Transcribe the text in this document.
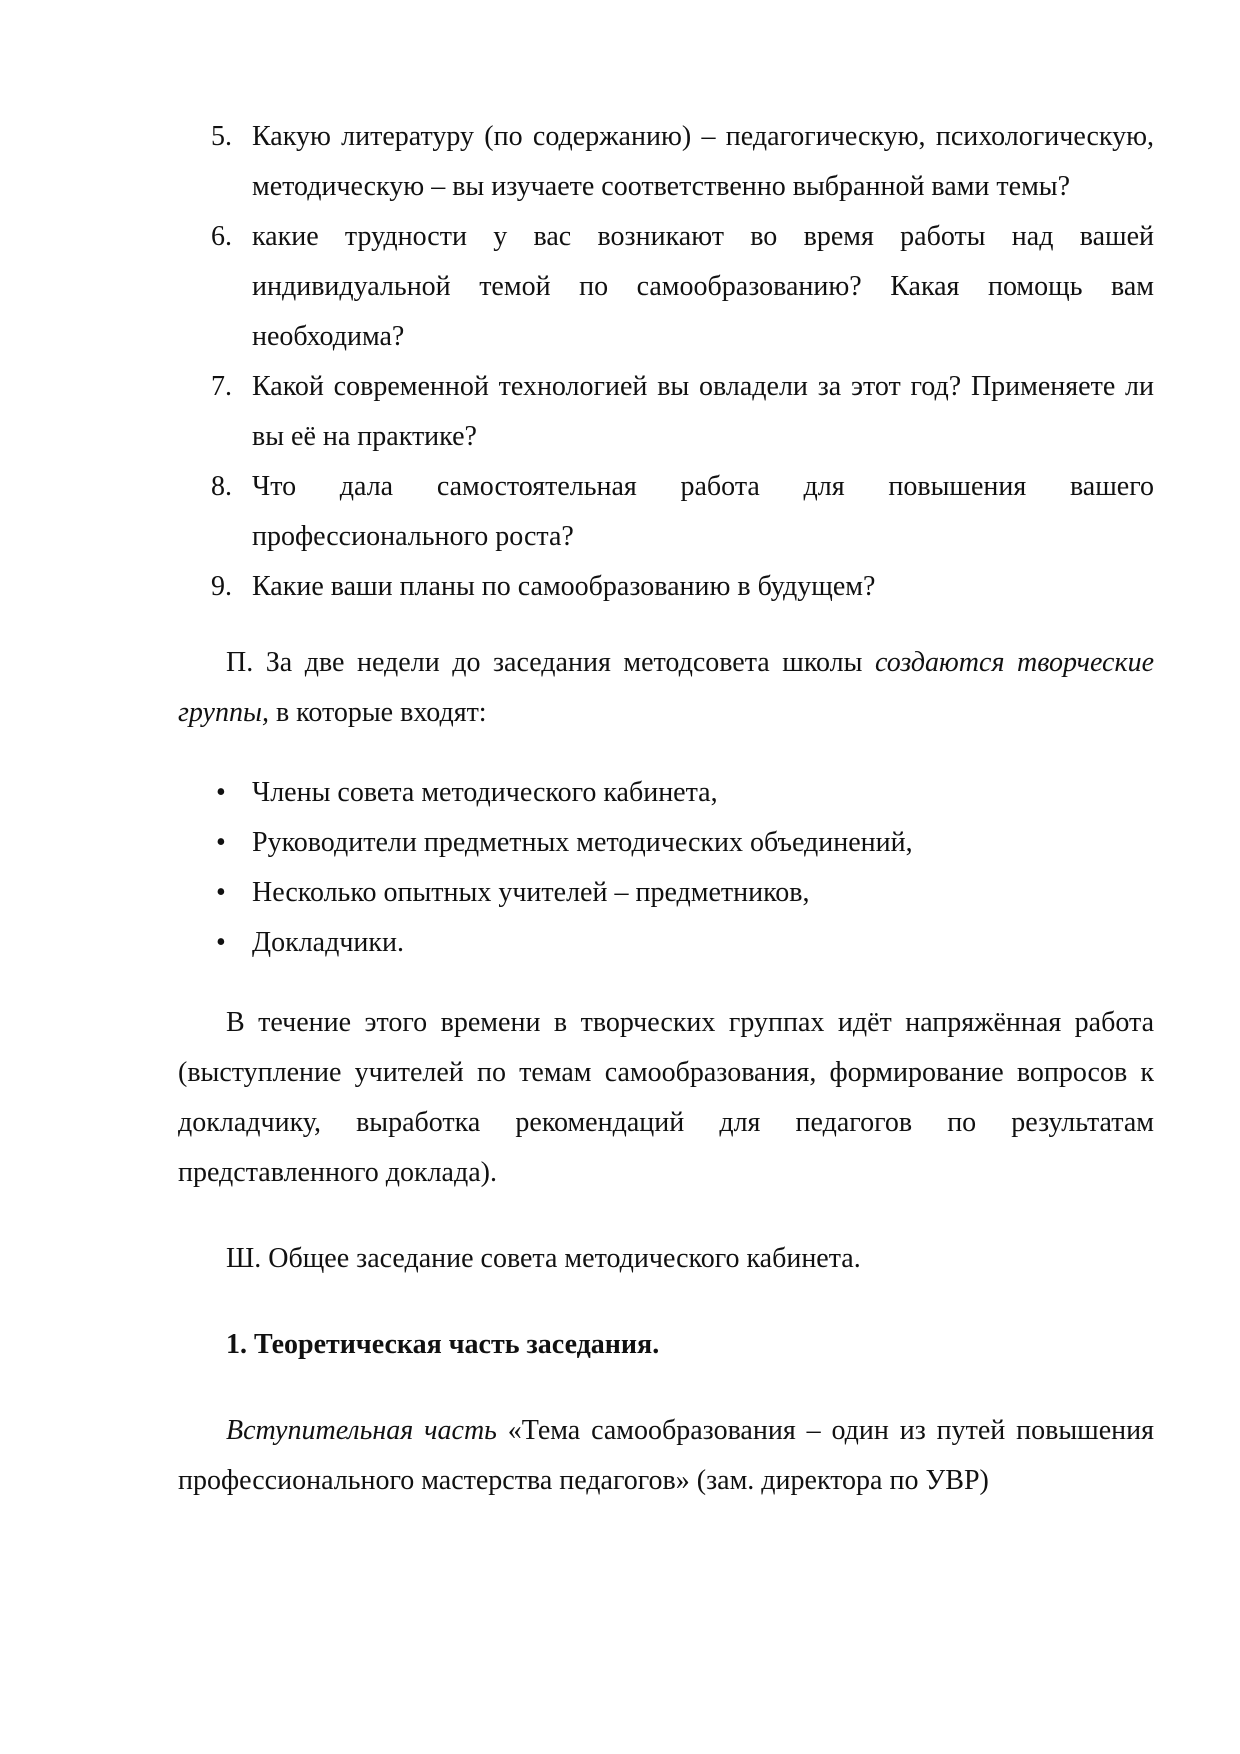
5. Какую литературу (по содержанию) – педагогическую, психологическую, методическую – вы изучаете соответственно выбранной вами темы?
6. какие трудности у вас возникают во время работы над вашей индивидуальной темой по самообразованию? Какая помощь вам необходима?
7. Какой современной технологией вы овладели за этот год? Применяете ли вы её на практике?
8. Что дала самостоятельная работа для повышения вашего профессионального роста?
9. Какие ваши планы по самообразованию в будущем?

П. За две недели до заседания методсовета школы создаются творческие группы, в которые входят:

• Члены совета методического кабинета,
• Руководители предметных методических объединений,
• Несколько опытных учителей – предметников,
• Докладчики.

В течение этого времени в творческих группах идёт напряжённая работа (выступление учителей по темам самообразования, формирование вопросов к докладчику, выработка рекомендаций для педагогов по результатам представленного доклада).

Ш. Общее заседание совета методического кабинета.

1. Теоретическая часть заседания.

Вступительная часть «Тема самообразования – один из путей повышения профессионального мастерства педагогов» (зам. директора по УВР)
